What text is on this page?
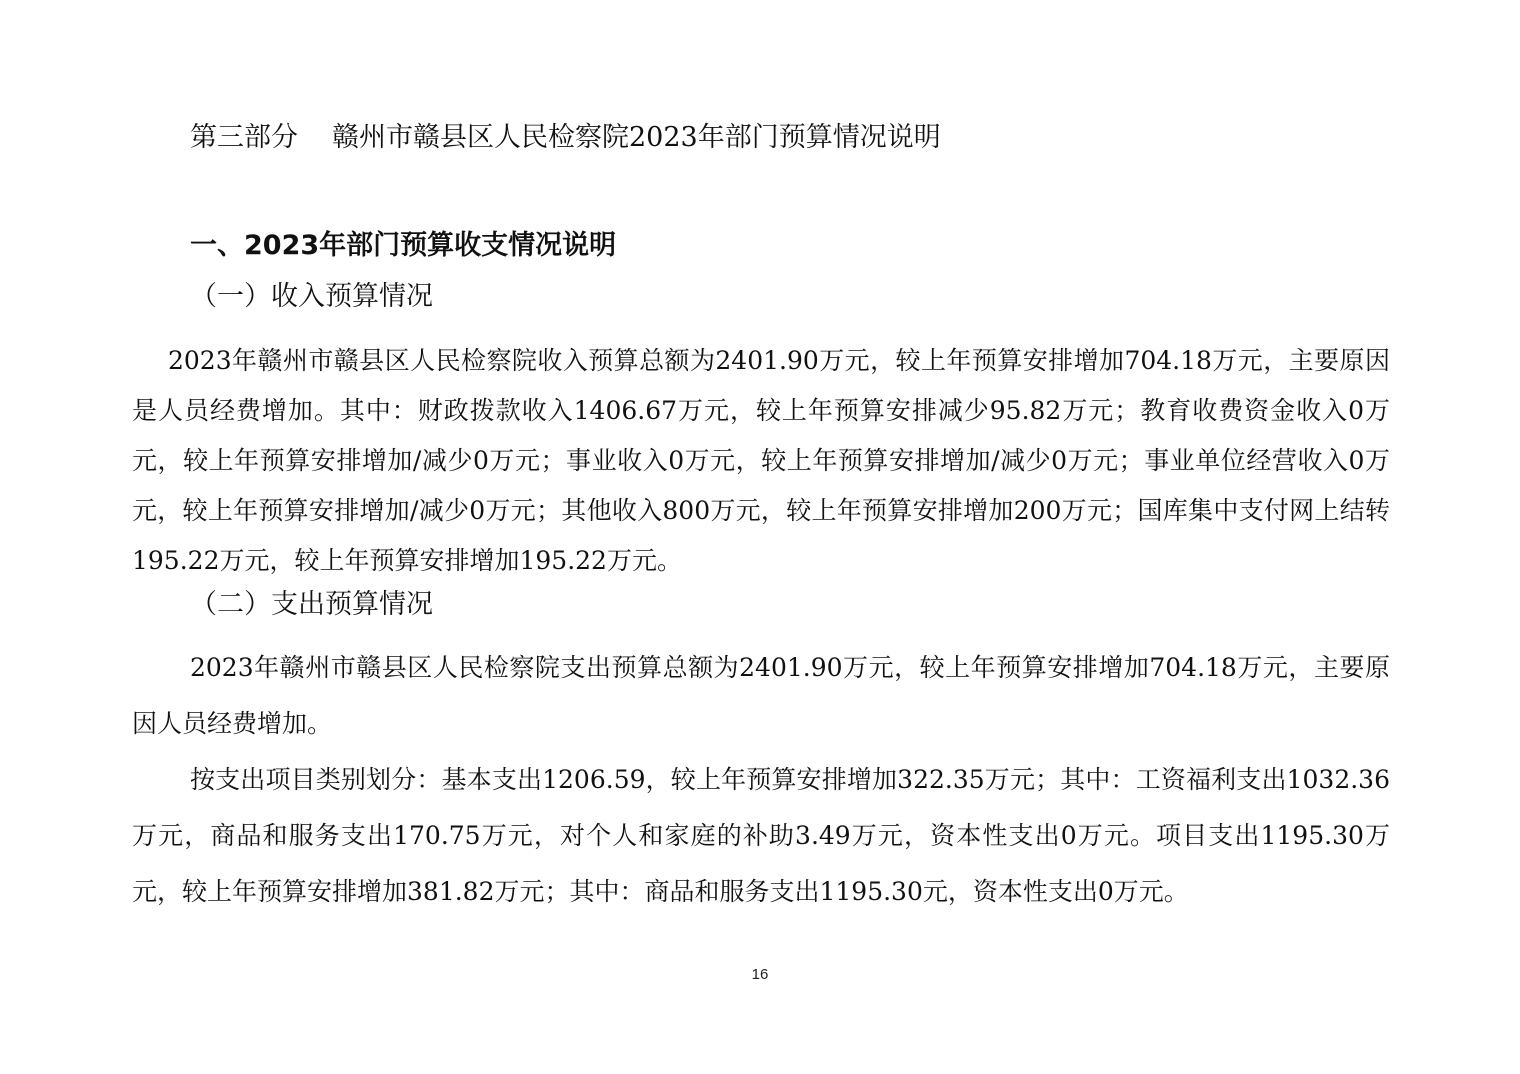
第三部分 赣州市赣县区人民检察院2023年部门预算情况说明
一、2023年部门预算收支情况说明
（一）收入预算情况

2023年赣州市赣县区人民检察院收入预算总额为2401.90万元，较上年预算安排增加704.18万元，主要原因是人员经费增加。其中：财政拨款收入1406.67万元，较上年预算安排减少95.82万元；教育收费资金收入0万元，较上年预算安排增加/减少0万元；事业收入0万元，较上年预算安排增加/减少0万元；事业单位经营收入0万元，较上年预算安排增加/减少0万元；其他收入800万元，较上年预算安排增加200万元；国库集中支付网上结转195.22万元，较上年预算安排增加195.22万元。

（二）支出预算情况

2023年赣州市赣县区人民检察院支出预算总额为2401.90万元，较上年预算安排增加704.18万元，主要原因人员经费增加。

按支出项目类别划分：基本支出1206.59，较上年预算安排增加322.35万元；其中：工资福利支出1032.36万元，商品和服务支出170.75万元，对个人和家庭的补助3.49万元，资本性支出0万元。项目支出1195.30万元，较上年预算安排增加381.82万元；其中：商品和服务支出1195.30元，资本性支出0万元。

16
